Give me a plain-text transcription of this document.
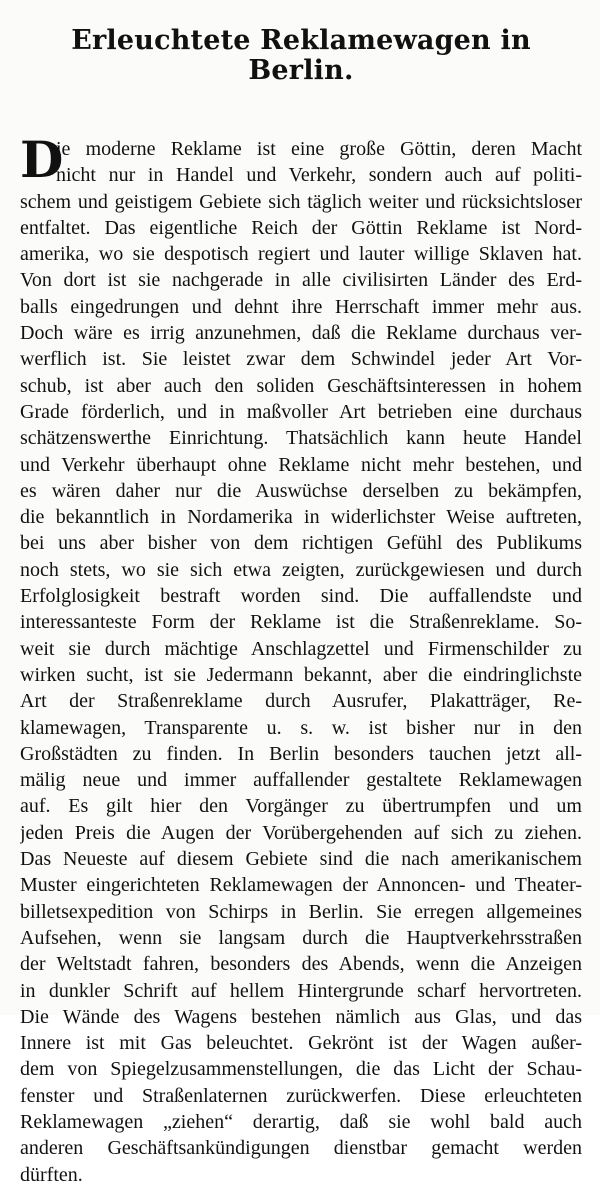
Erleuchtete Reklamewagen in Berlin.
D
ie moderne Reklame ist eine große Göttin, deren Macht
nicht nur in Handel und Verkehr, sondern auch auf politi-
schem und geistigem Gebiete sich täglich weiter und rücksichtsloser
entfaltet. Das eigentliche Reich der Göttin Reklame ist Nord-
amerika, wo sie despotisch regiert und lauter willige Sklaven hat.
Von dort ist sie nachgerade in alle civilisirten Länder des Erd-
balls eingedrungen und dehnt ihre Herrschaft immer mehr aus.
Doch wäre es irrig anzunehmen, daß die Reklame durchaus ver-
werflich ist. Sie leistet zwar dem Schwindel jeder Art Vor-
schub, ist aber auch den soliden Geschäftsinteressen in hohem
Grade förderlich, und in maßvoller Art betrieben eine durchaus
schätzenswerthe Einrichtung. Thatsächlich kann heute Handel
und Verkehr überhaupt ohne Reklame nicht mehr bestehen, und
es wären daher nur die Auswüchse derselben zu bekämpfen,
die bekanntlich in Nordamerika in widerlichster Weise auftreten,
bei uns aber bisher von dem richtigen Gefühl des Publikums
noch stets, wo sie sich etwa zeigten, zurückgewiesen und durch
Erfolglosigkeit bestraft worden sind. Die auffallendste und
interessanteste Form der Reklame ist die Straßenreklame. So-
weit sie durch mächtige Anschlagzettel und Firmenschilder zu
wirken sucht, ist sie Jedermann bekannt, aber die eindringlichste
Art der Straßenreklame durch Ausrufer, Plakatträger, Re-
klamewagen, Transparente u. s. w. ist bisher nur in den
Großstädten zu finden. In Berlin besonders tauchen jetzt all-
mälig neue und immer auffallender gestaltete Reklamewagen
auf. Es gilt hier den Vorgänger zu übertrumpfen und um
jeden Preis die Augen der Vorübergehenden auf sich zu ziehen.
Das Neueste auf diesem Gebiete sind die nach amerikanischem
Muster eingerichteten Reklamewagen der Annoncen- und Theater-
billetsexpedition von Schirps in Berlin. Sie erregen allgemeines
Aufsehen, wenn sie langsam durch die Hauptverkehrsstraßen
der Weltstadt fahren, besonders des Abends, wenn die Anzeigen
in dunkler Schrift auf hellem Hintergrunde scharf hervortreten.
Die Wände des Wagens bestehen nämlich aus Glas, und das
Innere ist mit Gas beleuchtet. Gekrönt ist der Wagen außer-
dem von Spiegelzusammenstellungen, die das Licht der Schau-
fenster und Straßenlaternen zurückwerfen. Diese erleuchteten
Reklamewagen „ziehen“ derartig, daß sie wohl bald auch
anderen Geschäftsankündigungen dienstbar gemacht werden
dürften.
